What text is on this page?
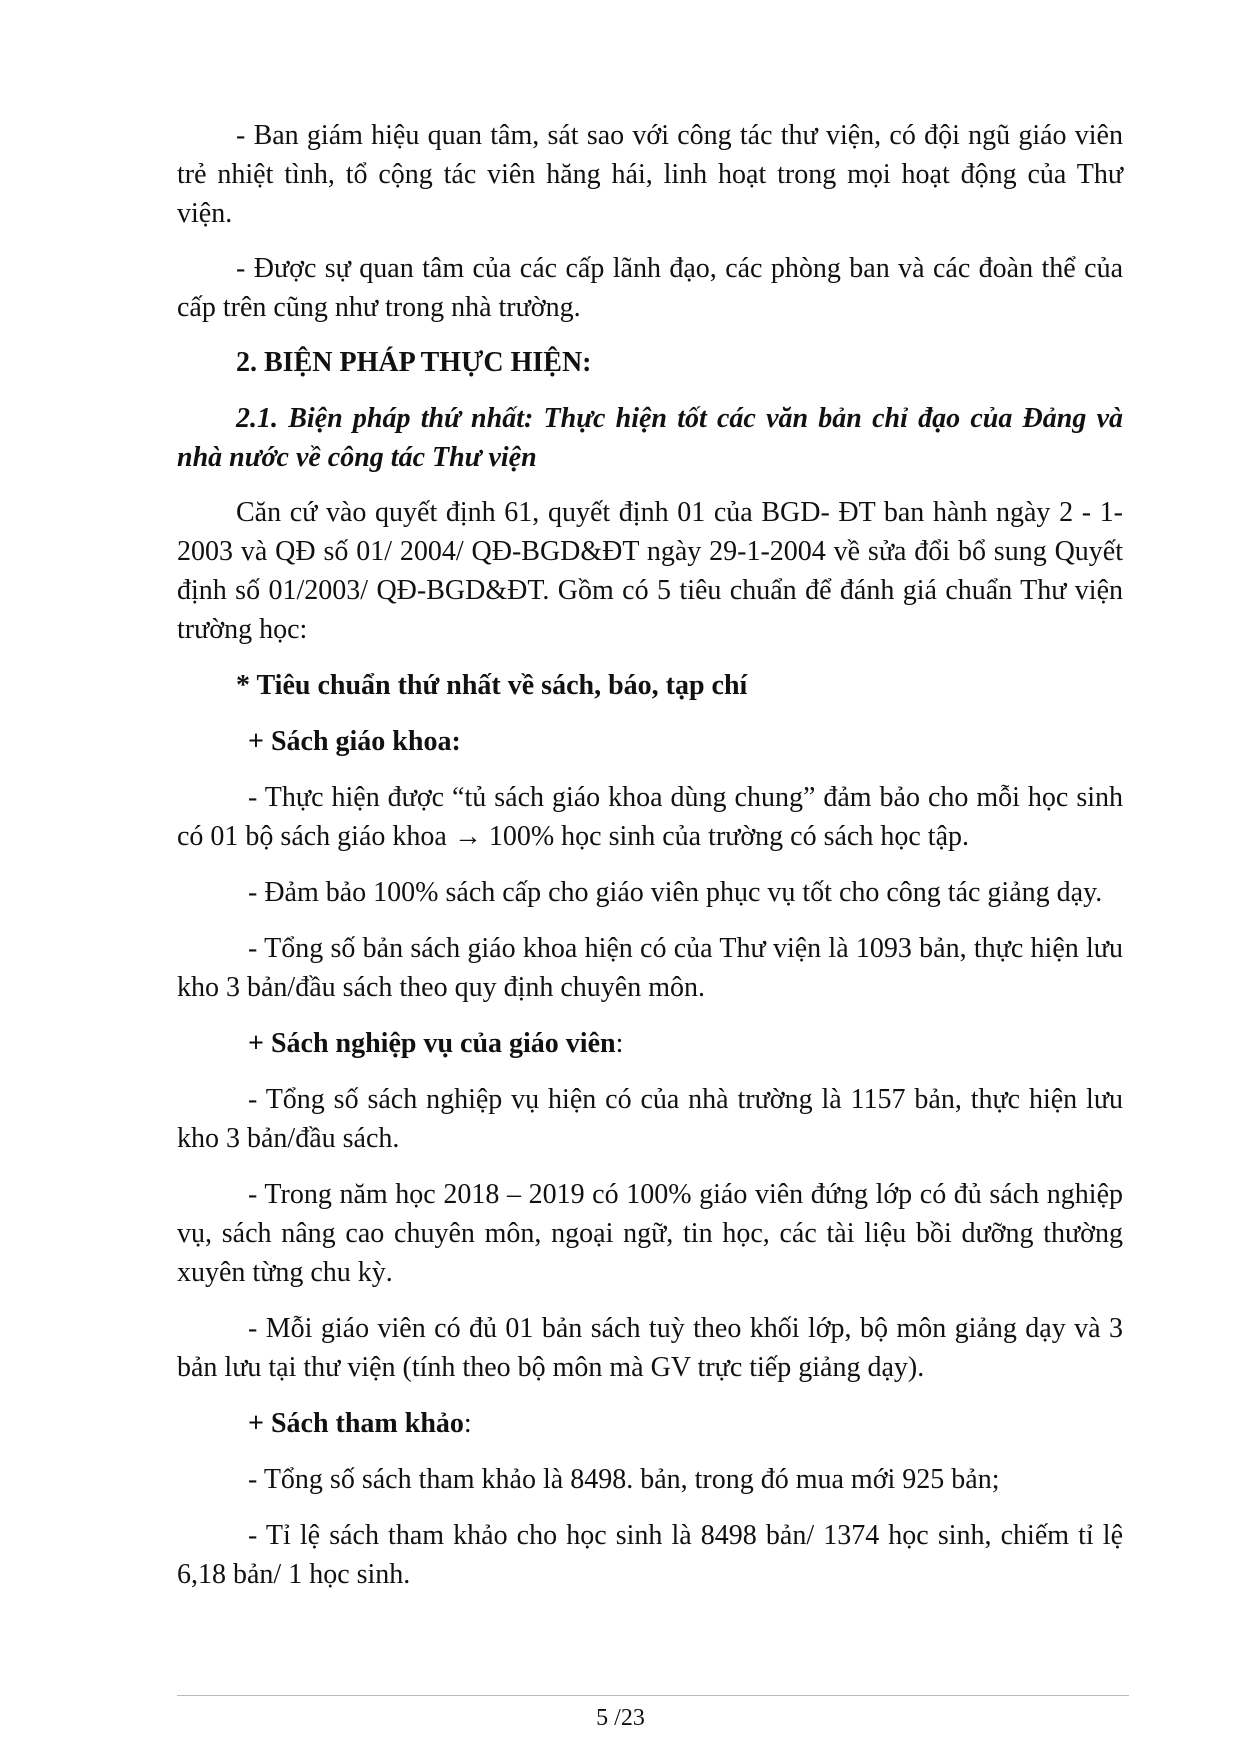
- Ban giám hiệu quan tâm, sát sao với công tác thư viện, có đội ngũ giáo viên trẻ nhiệt tình, tổ cộng tác viên hăng hái, linh hoạt trong mọi hoạt động của Thư viện.

- Được sự quan tâm của các cấp lãnh đạo, các phòng ban và các đoàn thể của cấp trên cũng như trong nhà trường.

2. BIỆN PHÁP THỰC HIỆN:

2.1. Biện pháp thứ nhất: Thực hiện tốt các văn bản chỉ đạo của Đảng và nhà nước về công tác Thư viện

Căn cứ vào quyết định 61, quyết định 01 của BGD- ĐT ban hành ngày 2 - 1- 2003 và QĐ số 01/ 2004/ QĐ-BGD&ĐT ngày 29-1-2004 về sửa đổi bổ sung Quyết định số 01/2003/ QĐ-BGD&ĐT. Gồm có 5 tiêu chuẩn để đánh giá chuẩn Thư viện trường học:

* Tiêu chuẩn thứ nhất về sách, báo, tạp chí

+ Sách giáo khoa:

- Thực hiện được “tủ sách giáo khoa dùng chung” đảm bảo cho mỗi học sinh có 01 bộ sách giáo khoa → 100% học sinh của trường có sách học tập.

- Đảm bảo 100% sách cấp cho giáo viên phục vụ tốt cho công tác giảng dạy.

- Tổng số bản sách giáo khoa hiện có của Thư viện là 1093 bản, thực hiện lưu kho 3 bản/đầu sách theo quy định chuyên môn.

+ Sách nghiệp vụ của giáo viên:

- Tổng số sách nghiệp vụ hiện có của nhà trường là 1157 bản, thực hiện lưu kho 3 bản/đầu sách.

- Trong năm học 2018 – 2019 có 100% giáo viên đứng lớp có đủ sách nghiệp vụ, sách nâng cao chuyên môn, ngoại ngữ, tin học, các tài liệu bồi dưỡng thường xuyên từng chu kỳ.

- Mỗi giáo viên có đủ 01 bản sách tuỳ theo khối lớp, bộ môn giảng dạy và 3 bản lưu tại thư viện (tính theo bộ môn mà GV trực tiếp giảng dạy).

+ Sách tham khảo:

- Tổng số sách tham khảo là 8498. bản, trong đó mua mới 925 bản;

- Tỉ lệ sách tham khảo cho học sinh là 8498 bản/ 1374 học sinh, chiếm tỉ lệ 6,18 bản/ 1 học sinh.

5 /23
